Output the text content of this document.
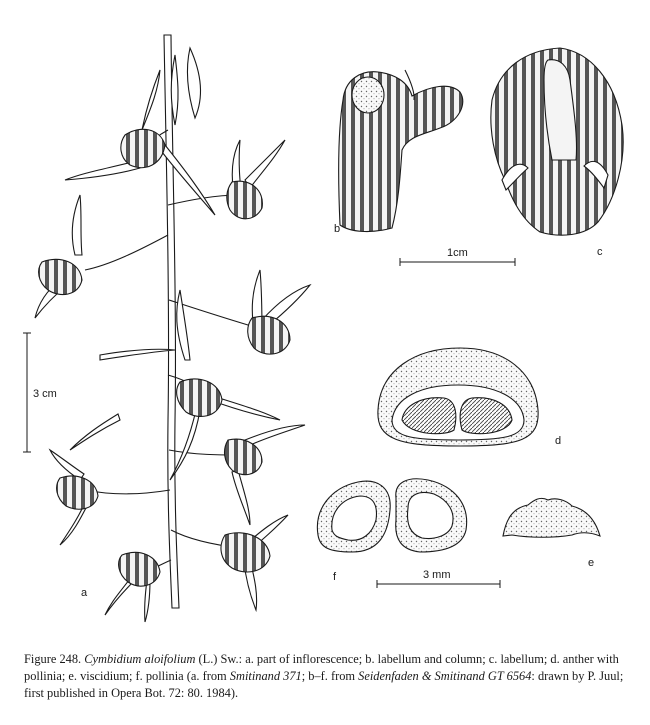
3 cm
b
c
1cm
d
f
e
3 mm
a
Figure 248. Cymbidium aloifolium (L.) Sw.: a. part of inflorescence; b. labellum and column; c. labellum; d. anther with pollinia; e. viscidium; f. pollinia (a. from Smitinand 371; b–f. from Seidenfaden & Smitinand GT 6564: drawn by P. Juul; first published in Opera Bot. 72: 80. 1984).
